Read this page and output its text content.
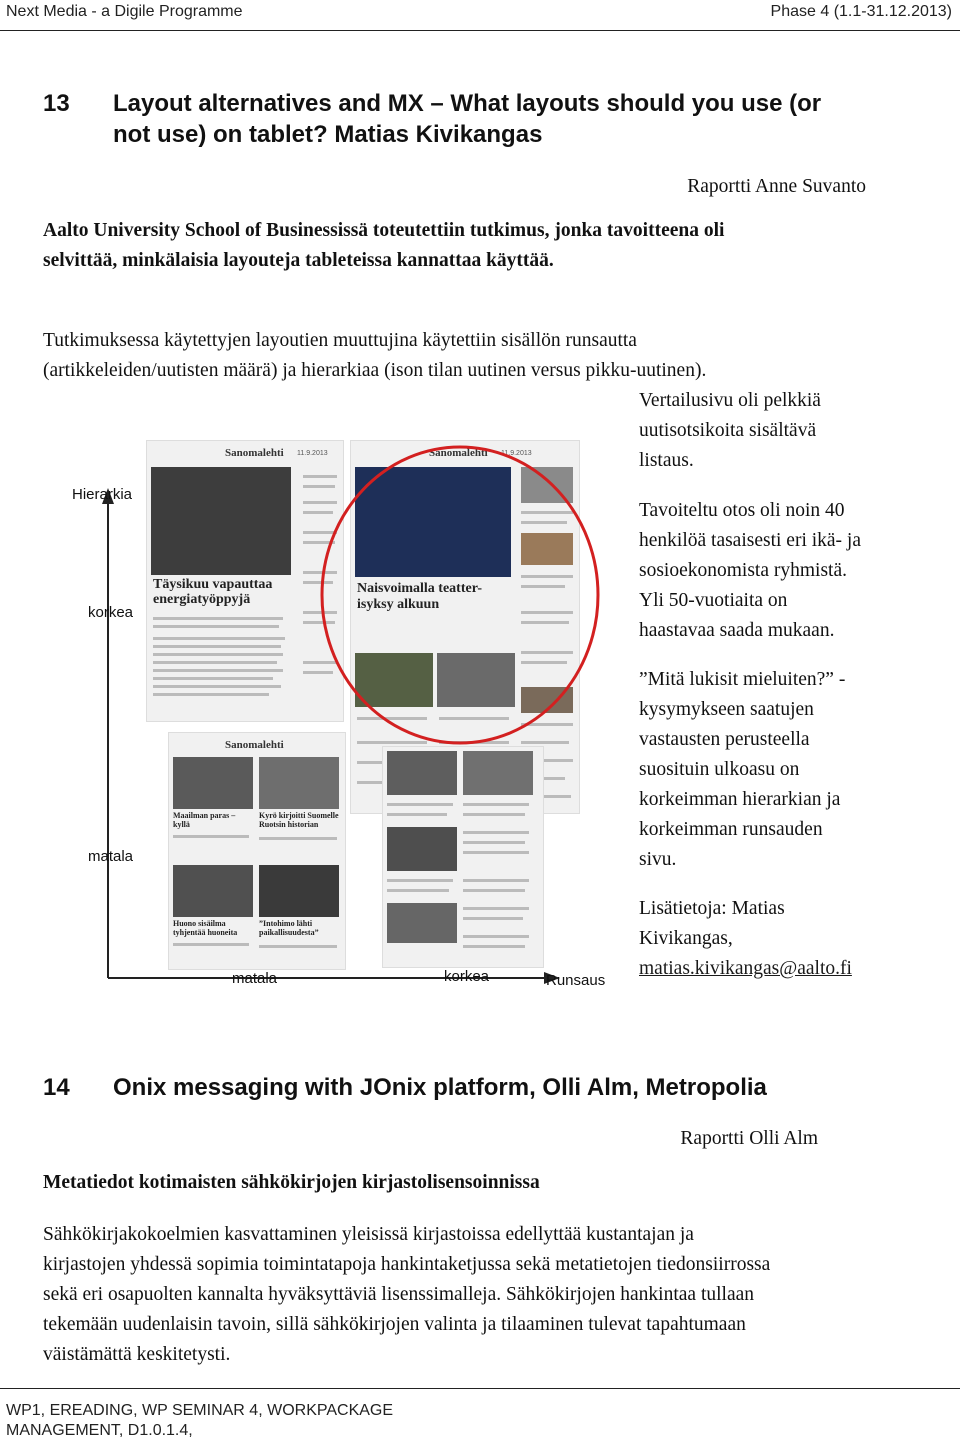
Next Media - a Digile Programme	Phase 4 (1.1-31.12.2013)
13 Layout alternatives and MX – What layouts should you use (or
not use) on tablet? Matias Kivikangas
Raportti Anne Suvanto
Aalto University School of Businessissä toteutettiin tutkimus, jonka tavoitteena oli
selvittää, minkälaisia layouteja tableteissa kannattaa käyttää.
Tutkimuksessa käytettyjen layoutien muuttujina käytettiin sisällön runsautta
(artikkeleiden/uutisten määrä) ja hierarkiaa (ison tilan uutinen versus pikku-uutinen).
Vertailusivu oli pelkkiä
uutisotsikoita sisältävä
listaus.
Tavoiteltu otos oli noin 40
henkilöä tasaisesti eri ikä- ja
sosioekonomista ryhmistä.
Yli 50-vuotiaita on
haastavaa saada mukaan.
”Mitä lukisit mieluiten?” -
kysymykseen saatujen
vastausten perusteella
suosituin ulkoasu on
korkeimman hierarkian ja
korkeimman runsauden
sivu.
Lisätietoja: Matias
Kivikangas,
matias.kivikangas@aalto.fi
Hierarkia
korkea
matala
matala	korkea	Runsaus
Sanomalehti 11.9.2013
Täysikuu vapauttaa energiatyöppyjä
Sanomalehti 11.9.2013
Naisvoimalla teatter-isyksy alkuun
Sanomalehti
Maailman paras – kyllä
Kyrö kirjoitti Suomelle Ruotsin historian
Huono sisäilma tyhjentää huoneita
”Intohimo lähti paikallisuudesta”
14 Onix messaging with JOnix platform, Olli Alm, Metropolia
Raportti Olli Alm
Metatiedot kotimaisten sähkökirjojen kirjastolisensoinnissa
Sähkökirjakokoelmien kasvattaminen yleisissä kirjastoissa edellyttää kustantajan ja
kirjastojen yhdessä sopimia toimintatapoja hankintaketjussa sekä metatietojen tiedonsiirrossa
sekä eri osapuolten kannalta hyväksyttäviä lisenssimalleja. Sähkökirjojen hankintaa tullaan
tekemään uudenlaisin tavoin, sillä sähkökirjojen valinta ja tilaaminen tulevat tapahtumaan
väistämättä keskitetysti.
WP1, EREADING, WP SEMINAR 4, WORKPACKAGE
MANAGEMENT, D1.0.1.4,
